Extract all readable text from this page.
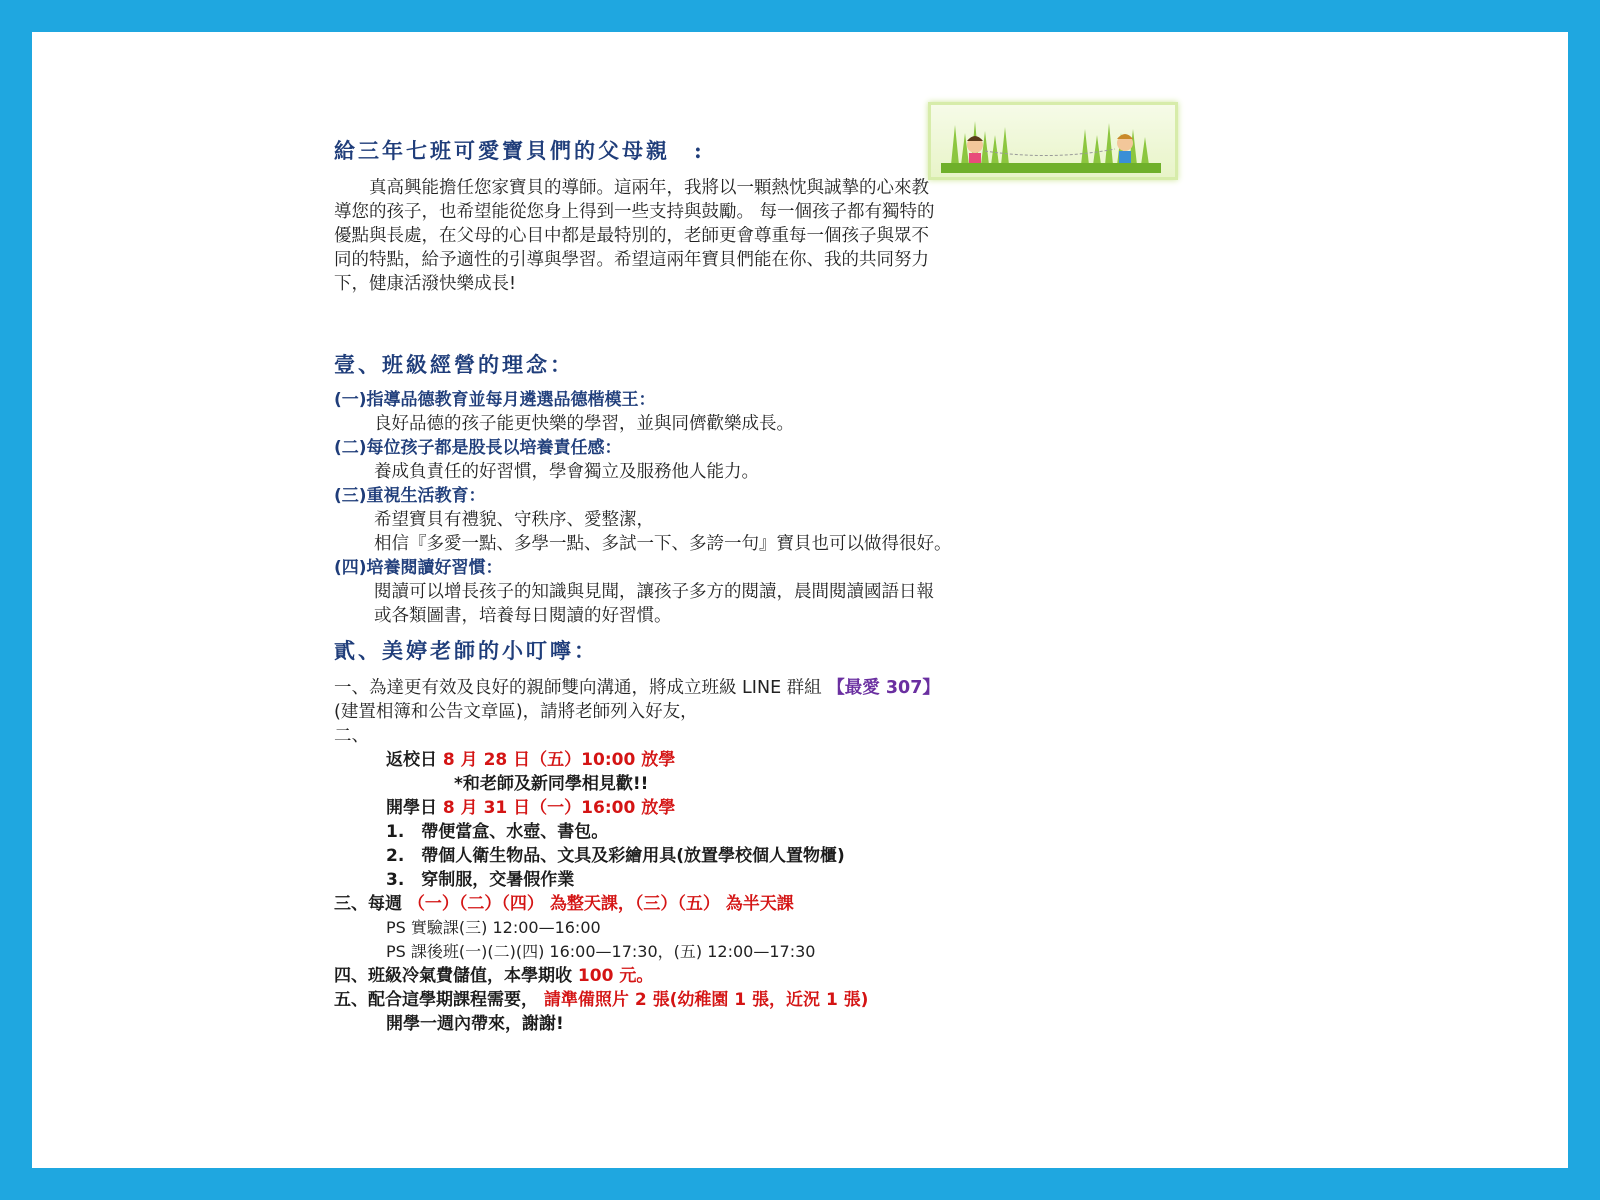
給三年七班可愛寶貝們的父母親　:
　　真高興能擔任您家寶貝的導師。這兩年，我將以一顆熱忱與誠摯的心來教
導您的孩子，也希望能從您身上得到一些支持與鼓勵。 每一個孩子都有獨特的
優點與長處，在父母的心目中都是最特別的，老師更會尊重每一個孩子與眾不
同的特點，給予適性的引導與學習。希望這兩年寶貝們能在你、我的共同努力
下，健康活潑快樂成長!
壹、班級經營的理念：
(一)指導品德教育並每月遴選品德楷模王：
良好品德的孩子能更快樂的學習，並與同儕歡樂成長。
(二)每位孩子都是股長以培養責任感：
養成負責任的好習慣，學會獨立及服務他人能力。
(三)重視生活教育：
希望寶貝有禮貌、守秩序、愛整潔，
相信『多愛一點、多學一點、多試一下、多誇一句』寶貝也可以做得很好。
(四)培養閱讀好習慣：
閱讀可以增長孩子的知識與見聞，讓孩子多方的閱讀，晨間閱讀國語日報
或各類圖書，培養每日閱讀的好習慣。
貳、美婷老師的小叮嚀：
一、為達更有效及良好的親師雙向溝通，將成立班級 LINE 群組 【最愛 307】
(建置相簿和公告文章區)，請將老師列入好友，
二、
返校日 8 月 28 日（五）10:00 放學
*和老師及新同學相見歡!!
開學日 8 月 31 日（一）16:00 放學
1.　帶便當盒、水壺、書包。
2.　帶個人衛生物品、文具及彩繪用具(放置學校個人置物櫃)
3.　穿制服，交暑假作業
三、每週 （一）（二）（四） 為整天課，（三）（五） 為半天課
PS 實驗課(三) 12:00—16:00
PS 課後班(一)(二)(四) 16:00—17:30，(五) 12:00—17:30
四、班級冷氣費儲值，本學期收 100 元。
五、配合這學期課程需要， 請準備照片 2 張(幼稚園 1 張，近況 1 張)
開學一週內帶來，謝謝!
